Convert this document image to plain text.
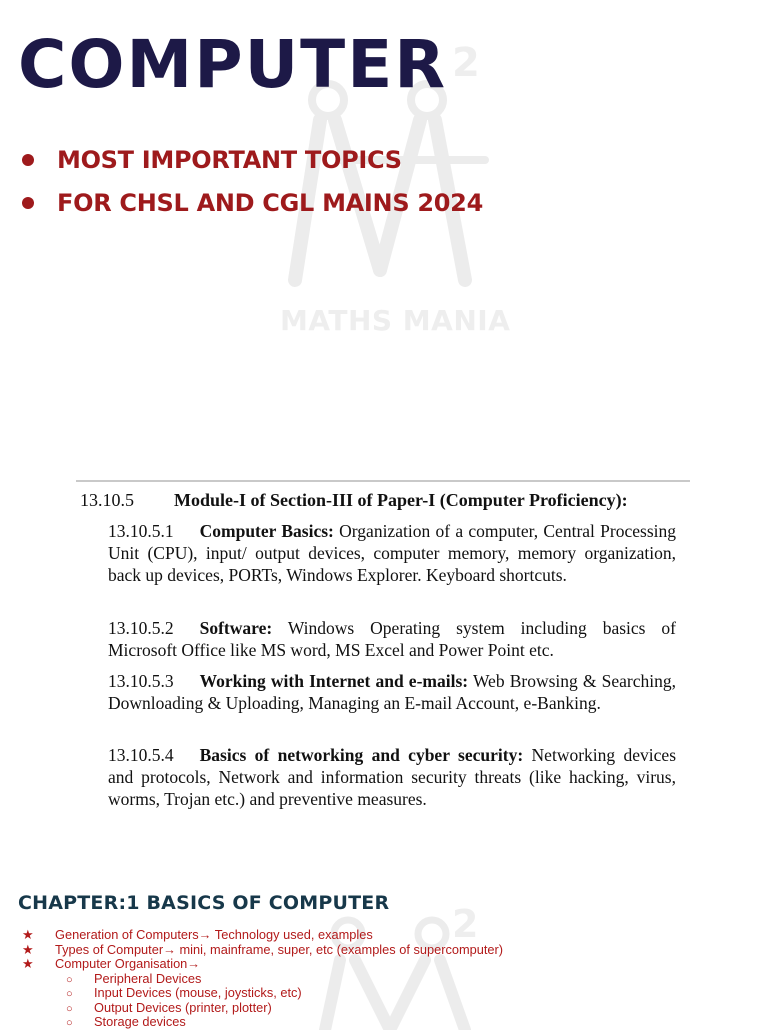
2
MATHS MANIA
2
COMPUTER
MOST IMPORTANT TOPICS
FOR CHSL AND CGL MAINS 2024
13.10.5 Module-I of Section-III of Paper-I (Computer Proficiency):
13.10.5.1 Computer Basics: Organization of a computer, Central Processing Unit (CPU), input/ output devices, computer memory, memory organization, back up devices, PORTs, Windows Explorer. Keyboard shortcuts.
13.10.5.2 Software: Windows Operating system including basics of Microsoft Office like MS word, MS Excel and Power Point etc.
13.10.5.3 Working with Internet and e-mails: Web Browsing & Searching, Downloading & Uploading, Managing an E-mail Account, e-Banking.
13.10.5.4 Basics of networking and cyber security: Networking devices and protocols, Network and information security threats (like hacking, virus, worms, Trojan etc.) and preventive measures.
CHAPTER:1 BASICS OF COMPUTER
★ Generation of Computers→ Technology used, examples
★ Types of Computer→ mini, mainframe, super, etc (examples of supercomputer)
★ Computer Organisation→
○ Peripheral Devices
○ Input Devices (mouse, joysticks, etc)
○ Output Devices (printer, plotter)
○ Storage devices
